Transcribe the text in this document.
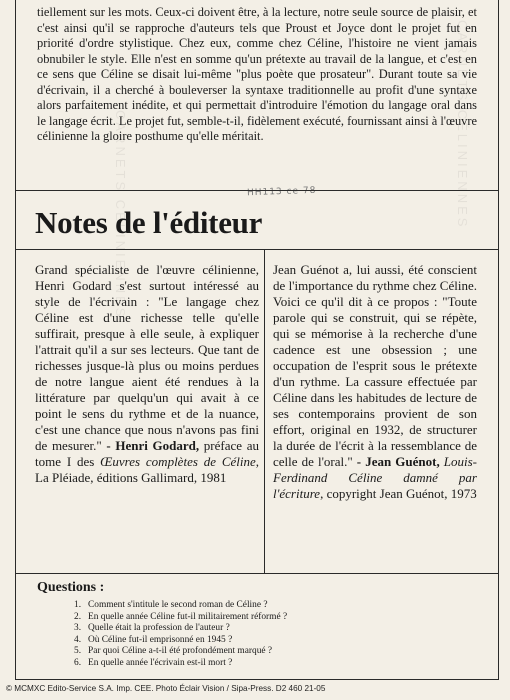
CARNETS CÉLINIENNES	CARNETS CÉLINIENNES

tiellement sur les mots. Ceux-ci doivent être, à la lecture, notre seule source de plaisir, et c'est ainsi qu'il se rapproche d'auteurs tels que Proust et Joyce dont le projet fut en priorité d'ordre stylistique. Chez eux, comme chez Céline, l'histoire ne vient jamais obnubiler le style. Elle n'est en somme qu'un prétexte au travail de la langue, et c'est en ce sens que Céline se disait lui-même "plus poète que prosateur". Durant toute sa vie d'écrivain, il a cherché à bouleverser la syntaxe traditionnelle au profit d'une syntaxe alors parfaitement inédite, et qui permettait d'introduire l'émotion du langage oral dans le langage écrit. Le projet fut, semble-t-il, fidèlement exécuté, fournissant ainsi à l'œuvre célinienne la gloire posthume qu'elle méritait.

HH113 ce 78
Notes de l'éditeur
Grand spécialiste de l'œuvre célinienne, Henri Godard s'est surtout intéressé au style de l'écrivain : "Le langage chez Céline est d'une richesse telle qu'elle suffirait, presque à elle seule, à expliquer l'attrait qu'il a sur ses lecteurs. Que tant de richesses jusque-là plus ou moins perdues de notre langue aient été rendues à la littérature par quelqu'un qui avait à ce point le sens du rythme et de la nuance, c'est une chance que nous n'avons pas fini de mesurer." - Henri Godard, préface au tome I des Œuvres complètes de Céline, La Pléiade, éditions Gallimard, 1981
Jean Guénot a, lui aussi, été conscient de l'importance du rythme chez Céline. Voici ce qu'il dit à ce propos : "Toute parole qui se construit, qui se répète, qui se mémorise à la recherche d'une cadence est une obsession ; une occupation de l'esprit sous le prétexte d'un rythme. La cassure effectuée par Céline dans les habitudes de lecture de ses contemporains provient de son effort, original en 1932, de structurer la durée de l'écrit à la ressemblance de celle de l'oral." - Jean Guénot, Louis-Ferdinand Céline damné par l'écriture, copyright Jean Guénot, 1973
Questions :
1. Comment s'intitule le second roman de Céline ?
2. En quelle année Céline fut-il militairement réformé ?
3. Quelle était la profession de l'auteur ?
4. Où Céline fut-il emprisonné en 1945 ?
5. Par quoi Céline a-t-il été profondément marqué ?
6. En quelle année l'écrivain est-il mort ?
© MCMXC Edito-Service S.A. Imp. CEE. Photo Éclair Vision / Sipa-Press. D2 460 21-05
